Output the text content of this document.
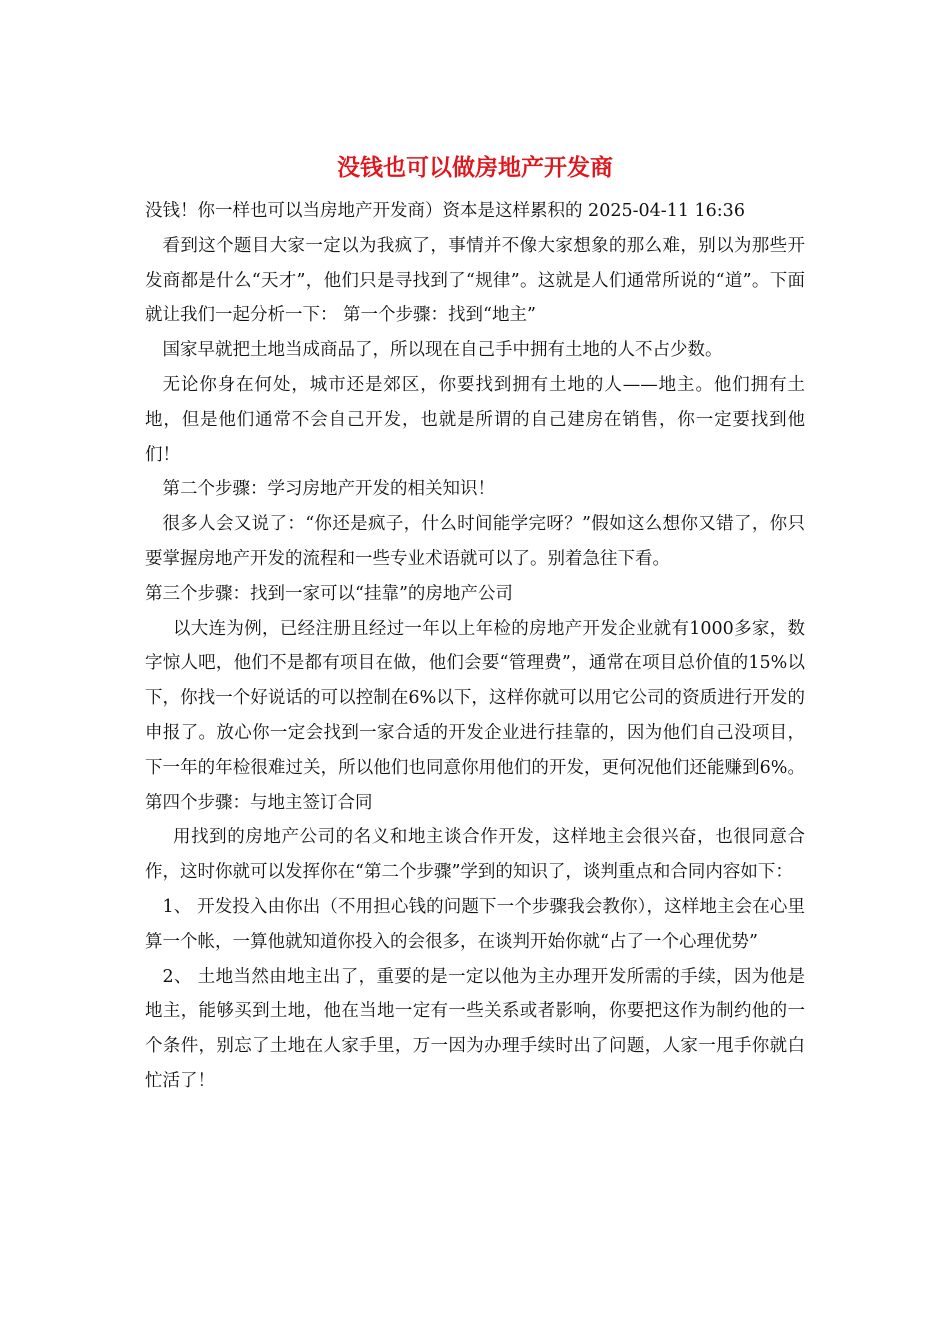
没钱也可以做房地产开发商

没钱！你一样也可以当房地产开发商）资本是这样累积的 2025-04-11 16:36

看到这个题目大家一定以为我疯了，事情并不像大家想象的那么难，别以为那些开发商都是什么“天才”，他们只是寻找到了“规律”。这就是人们通常所说的“道”。下面就让我们一起分析一下： 第一个步骤：找到“地主”

国家早就把土地当成商品了，所以现在自己手中拥有土地的人不占少数。

无论你身在何处，城市还是郊区，你要找到拥有土地的人——地主。他们拥有土地，但是他们通常不会自己开发，也就是所谓的自己建房在销售，你一定要找到他们！

第二个步骤：学习房地产开发的相关知识！

很多人会又说了：“你还是疯子，什么时间能学完呀？”假如这么想你又错了，你只要掌握房地产开发的流程和一些专业术语就可以了。别着急往下看。

第三个步骤：找到一家可以“挂靠”的房地产公司

以大连为例，已经注册且经过一年以上年检的房地产开发企业就有1000多家，数字惊人吧，他们不是都有项目在做，他们会要“管理费”，通常在项目总价值的15%以下，你找一个好说话的可以控制在6%以下，这样你就可以用它公司的资质进行开发的申报了。放心你一定会找到一家合适的开发企业进行挂靠的，因为他们自己没项目，下一年的年检很难过关，所以他们也同意你用他们的开发，更何况他们还能赚到6%。 第四个步骤：与地主签订合同

用找到的房地产公司的名义和地主谈合作开发，这样地主会很兴奋，也很同意合作，这时你就可以发挥你在“第二个步骤”学到的知识了，谈判重点和合同内容如下：

1、 开发投入由你出（不用担心钱的问题下一个步骤我会教你），这样地主会在心里算一个帐，一算他就知道你投入的会很多，在谈判开始你就“占了一个心理优势”

2、 土地当然由地主出了，重要的是一定以他为主办理开发所需的手续，因为他是地主，能够买到土地，他在当地一定有一些关系或者影响，你要把这作为制约他的一个条件，别忘了土地在人家手里，万一因为办理手续时出了问题，人家一甩手你就白忙活了！
